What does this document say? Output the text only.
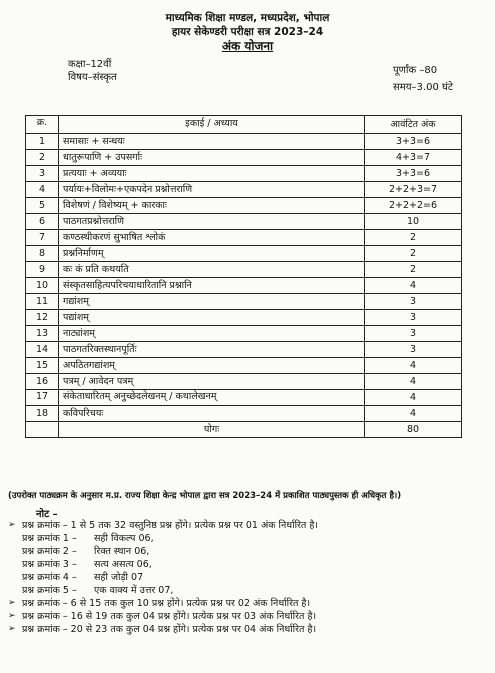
माध्यमिक शिक्षा मण्डल, मध्यप्रदेश, भोपाल
हायर सेकेण्डरी परीक्षा सत्र 2023–24
अंक योजना
कक्षा–12वीं
विषय–संस्कृत
पूर्णांक –80
समय–3.00 घंटे
क्र.	इकाई / अध्याय	आवंटित अंक
1	समासाः + सन्धयः	3+3=6
2	धातुरूपाणि + उपसर्गाः	4+3=7
3	प्रत्ययाः + अव्ययाः	3+3=6
4	पर्यायः+विलोमः+एकपदेन प्रश्नोत्तराणि	2+2+3=7
5	विशेषणं / विशेष्यम् + कारकाः	2+2+2=6
6	पाठगतप्रश्नोत्तराणि	10
7	कण्ठस्थीकरणं सुभाषित श्लोकं	2
8	प्रश्ननिर्माणम्	2
9	कः कं प्रति कथयति	2
10	संस्कृतसाहित्यपरिचयाधारितानि प्रश्नानि	4
11	गद्यांशम्	3
12	पद्यांशम्	3
13	नाट्यांशम्	3
14	पाठगतरिक्तस्थानपूर्तिः	3
15	अपठितगद्यांशम्	4
16	पत्रम् / आवेदन पत्रम्	4
17	संकेताधारितम् अनुच्छेदलेखनम् / कथालेखनम्	4
18	कविपरिचयः	4
	योगः	80
(उपरोक्त पाठ्यक्रम के अनुसार म.प्र. राज्य शिक्षा केन्द्र भोपाल द्वारा सत्र 2023–24 में प्रकाशित पाठ्यपुस्तक ही अधिकृत है।)
नोट –
➢ प्रश्न क्रमांक – 1 से 5 तक 32 वस्तुनिष्ठ प्रश्न होंगे। प्रत्येक प्रश्न पर 01 अंक निर्धारित है।
प्रश्न क्रमांक 1 – सही विकल्प 06,
प्रश्न क्रमांक 2 – रिक्त स्थान 06,
प्रश्न क्रमांक 3 – सत्य असत्य 06,
प्रश्न क्रमांक 4 – सही जोड़ी 07
प्रश्न क्रमांक 5 – एक वाक्य में उत्तर 07,
➢ प्रश्न क्रमांक – 6 से 15 तक कुल 10 प्रश्न होंगे। प्रत्येक प्रश्न पर 02 अंक निर्धारित है।
➢ प्रश्न क्रमांक – 16 से 19 तक कुल 04 प्रश्न होंगे। प्रत्येक प्रश्न पर 03 अंक निर्धारित है।
➢ प्रश्न क्रमांक – 20 से 23 तक कुल 04 प्रश्न होंगे। प्रत्येक प्रश्न पर 04 अंक निर्धारित है।
